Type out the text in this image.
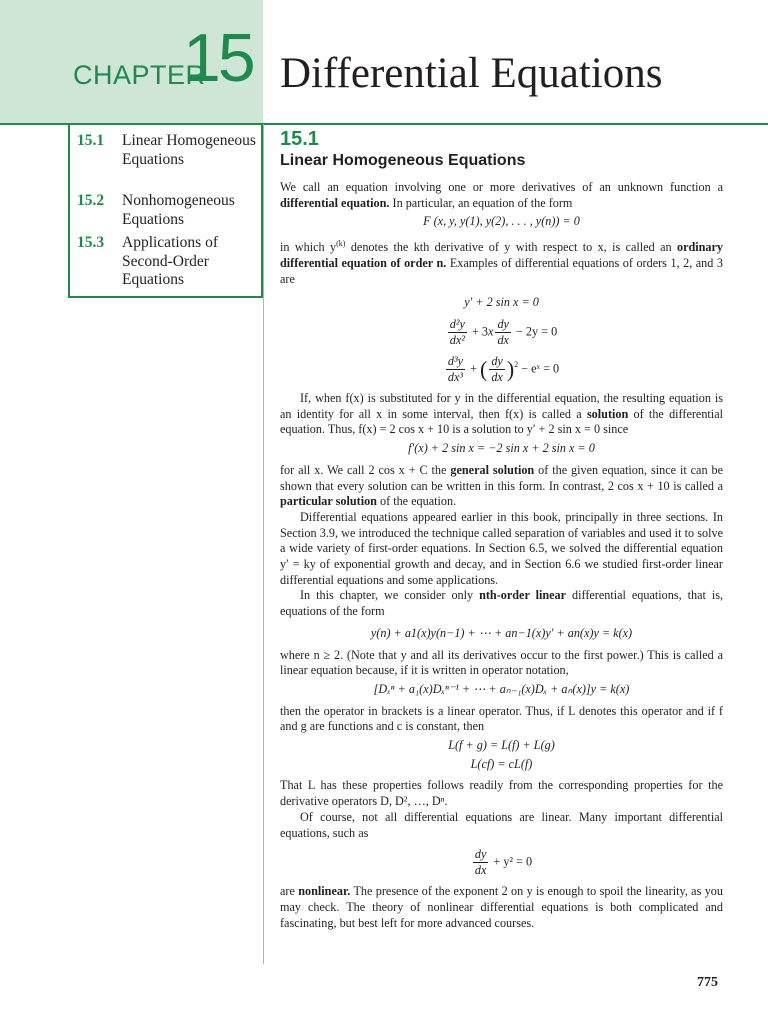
CHAPTER
15 Differential Equations
15.1 Linear Homogeneous Equations
15.2 Nonhomogeneous Equations
15.3 Applications of Second-Order Equations
15.1
Linear Homogeneous Equations

We call an equation involving one or more derivatives of an unknown function a differential equation. In particular, an equation of the form

F (x, y, y(1), y(2), . . . , y(n)) = 0

in which $y^{(k)}$ denotes the kth derivative of y with respect to x, is called an ordinary differential equation of order n. Examples of differential equations of orders 1, 2, and 3 are

y′ + 2 sin x = 0
$\frac{\text{d²y}}{\text{dx²}} + 3x \frac{dy}{dx} - 2y = 0$
$\frac{\text{d³y}}{\text{dx³}}$ + ( $\frac{dy}{dx} )^2$ − eˣ = 0

If, when f(x) is substituted for y in the differential equation, the resulting equation is an identity for all x in some interval, then f(x) is called a solution of the differential equation. Thus, f(x) = 2 cos x + 10 is a solution to y′ + 2 sin x = 0 since

f′(x) + 2 sin x = −2 sin x + 2 sin x = 0

for all x. We call 2 cos x + C the general solution of the given equation, since it can be shown that every solution can be written in this form. In contrast, 2 cos x + 10 is called a particular solution of the equation.

Differential equations appeared earlier in this book, principally in three sections. In Section 3.9, we introduced the technique called separation of variables and used it to solve a wide variety of first-order equations. In Section 6.5, we solved the differential equation y′ = ky of exponential growth and decay, and in Section 6.6 we studied first-order linear differential equations and some applications.

In this chapter, we consider only nth-order linear differential equations, that is, equations of the form

y(n) + a1(x)y(n−1) + ⋯ + an−1(x)y′ + an(x)y = k(x)

where n ≥ 2. (Note that y and all its derivatives occur to the first power.) This is called a linear equation because, if it is written in operator notation,

[Dₓⁿ + a₁(x)Dₓⁿ⁻¹ + ⋯ + aₙ₋₁(x)Dₓ + aₙ(x)]y = k(x)

then the operator in brackets is a linear operator. Thus, if L denotes this operator and if f and g are functions and c is constant, then

L(f + g) = L(f) + L(g)
L(cf) = cL(f)

That L has these properties follows readily from the corresponding properties for the derivative operators D, D², …, Dⁿ.

Of course, not all differential equations are linear. Many important differential equations, such as

$\frac{dy}{dx} + y^2 = 0$

are nonlinear. The presence of the exponent 2 on y is enough to spoil the linearity, as you may check. The theory of nonlinear differential equations is both complicated and fascinating, but best left for more advanced courses.

775
